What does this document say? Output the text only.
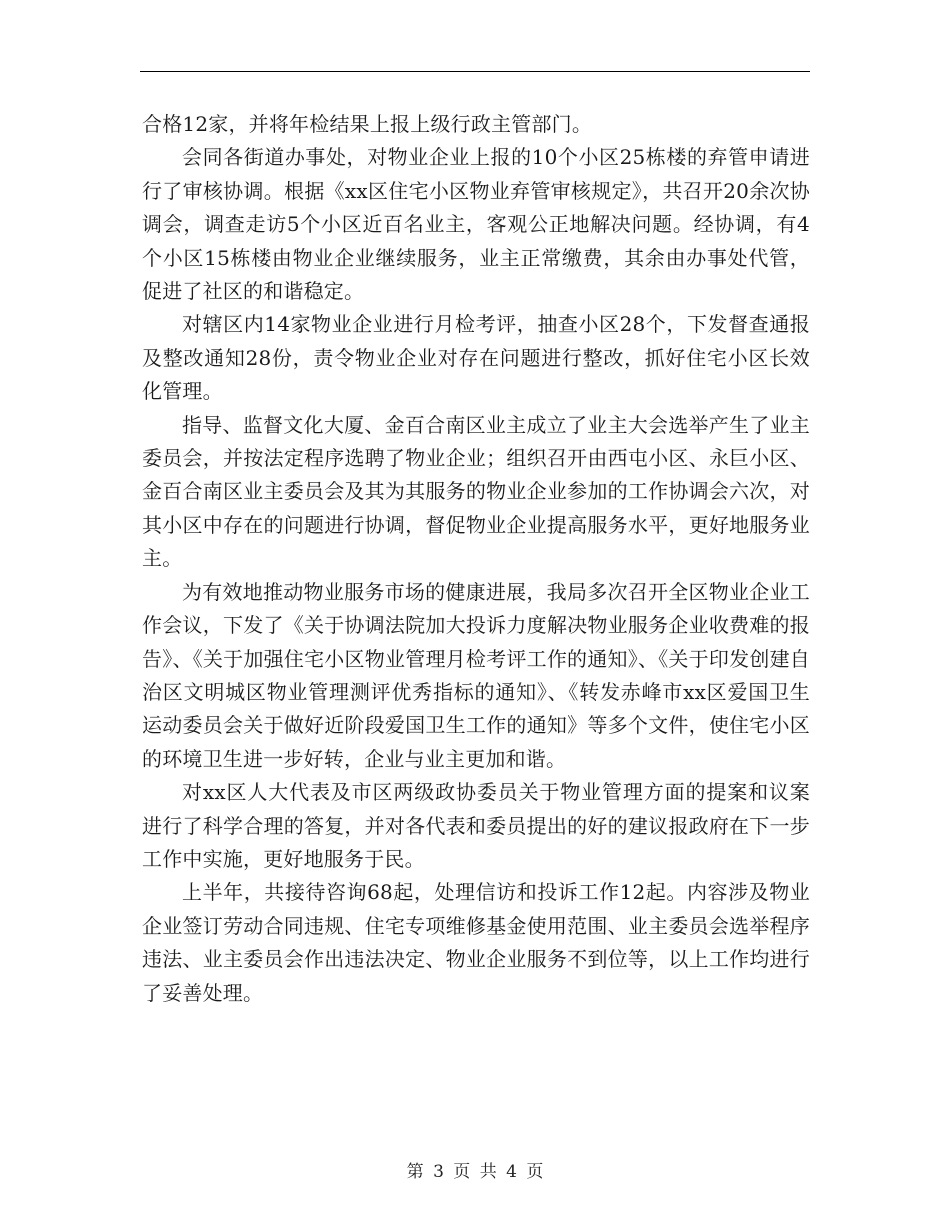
合格12家，并将年检结果上报上级行政主管部门。

会同各街道办事处，对物业企业上报的10个小区25栋楼的弃管申请进行了审核协调。根据《xx区住宅小区物业弃管审核规定》，共召开20余次协调会，调查走访5个小区近百名业主，客观公正地解决问题。经协调，有4个小区15栋楼由物业企业继续服务，业主正常缴费，其余由办事处代管，促进了社区的和谐稳定。

对辖区内14家物业企业进行月检考评，抽查小区28个，下发督查通报及整改通知28份，责令物业企业对存在问题进行整改，抓好住宅小区长效化管理。

指导、监督文化大厦、金百合南区业主成立了业主大会选举产生了业主委员会，并按法定程序选聘了物业企业；组织召开由西屯小区、永巨小区、金百合南区业主委员会及其为其服务的物业企业参加的工作协调会六次，对其小区中存在的问题进行协调，督促物业企业提高服务水平，更好地服务业主。

为有效地推动物业服务市场的健康进展，我局多次召开全区物业企业工作会议，下发了《关于协调法院加大投诉力度解决物业服务企业收费难的报告》、《关于加强住宅小区物业管理月检考评工作的通知》、《关于印发创建自治区文明城区物业管理测评优秀指标的通知》、《转发赤峰市xx区爱国卫生运动委员会关于做好近阶段爱国卫生工作的通知》等多个文件，使住宅小区的环境卫生进一步好转，企业与业主更加和谐。

对xx区人大代表及市区两级政协委员关于物业管理方面的提案和议案进行了科学合理的答复，并对各代表和委员提出的好的建议报政府在下一步工作中实施，更好地服务于民。

上半年，共接待咨询68起，处理信访和投诉工作12起。内容涉及物业企业签订劳动合同违规、住宅专项维修基金使用范围、业主委员会选举程序违法、业主委员会作出违法决定、物业企业服务不到位等，以上工作均进行了妥善处理。

第 3 页 共 4 页
